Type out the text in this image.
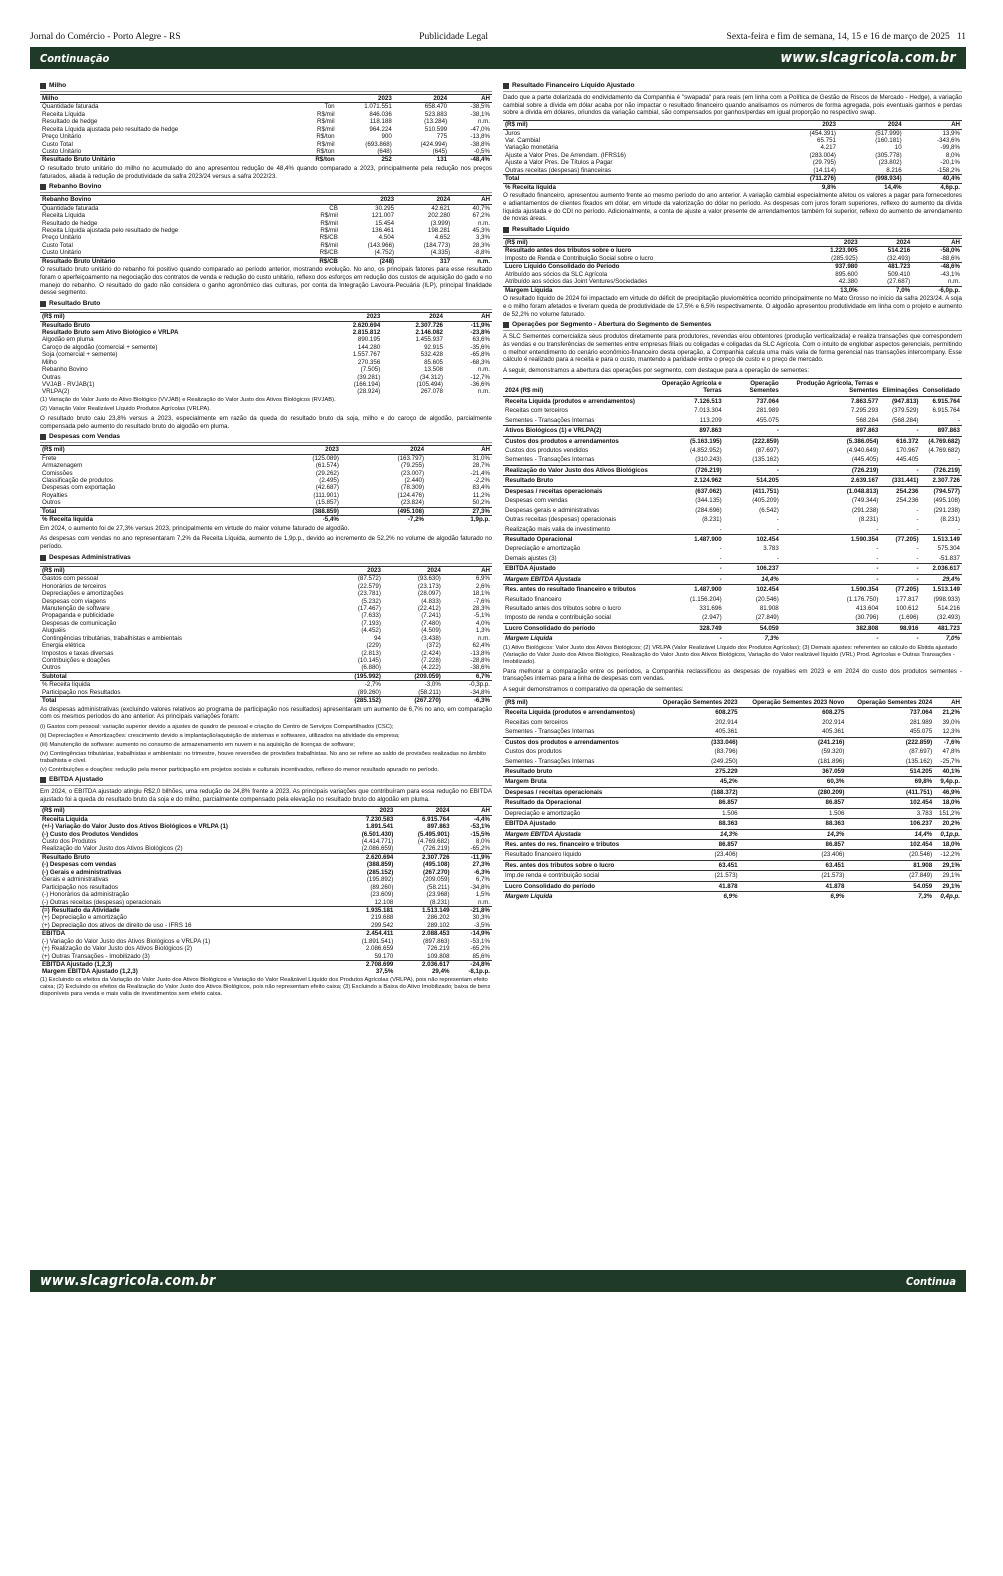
Jornal do Comércio - Porto Alegre - RS	Publicidade Legal	Sexta-feira e fim de semana, 14, 15 e 16 de março de 2025 11
Continuação	www.slcagricola.com.br
Milho
Milho		2023	2024	AH
Quantidade faturada	Ton	1.071.551	658.470	-38,5%
Receita Líquida	R$/mil	846.036	523.883	-38,1%
Resultado de hedge	R$/mil	118.188	(13.284)	n.m.
Receita Líquida ajustada pelo resultado de hedge	R$/mil	964.224	510.599	-47,0%
Preço Unitário	R$/ton	900	775	-13,8%
Custo Total	R$/mil	(693.868)	(424.994)	-38,8%
Custo Unitário	R$/ton	(648)	(645)	-0,5%
Resultado Bruto Unitário	R$/ton	252	131	-48,4%
O resultado bruto unitário do milho no acumulado do ano apresentou redução de 48,4% quando comparado a 2023, principalmente pela redução nos preços faturados, aliada à redução de produtividade da safra 2023/24 versus a safra 2022/23.
Rebanho Bovino
Rebanho Bovino		2023	2024	AH
Quantidade faturada	CB	30.295	42.621	40,7%
Receita Líquida	R$/mil	121.007	202.280	67,2%
Resultado de hedge	R$/mil	15.454	(3.999)	n.m.
Receita Líquida ajustada pelo resultado de hedge	R$/mil	136.461	198.281	45,3%
Preço Unitário	R$/CB	4.504	4.652	3,3%
Custo Total	R$/mil	(143.966)	(184.773)	28,3%
Custo Unitário	R$/CB	(4.752)	(4.335)	-8,8%
Resultado Bruto Unitário	R$/CB	(248)	317	n.m.
O resultado bruto unitário do rebanho foi positivo quando comparado ao período anterior, mostrando evolução. No ano, os principais fatores para esse resultado foram o aperfeiçoamento na negociação dos contratos de venda e redução do custo unitário, reflexo dos esforços em redução dos custos de aquisição do gado e no manejo do rebanho. O resultado do gado não considera o ganho agronômico das culturas, por conta da Integração Lavoura-Pecuária (ILP), principal finalidade desse segmento.
Resultado Bruto
(R$ mil)	2023	2024	AH
Resultado Bruto	2.620.694	2.307.726	-11,9%
Resultado Bruto sem Ativo Biológico e VRLPA	2.815.812	2.146.082	-23,8%
Algodão em pluma	890.195	1.455.937	63,6%
Caroço de algodão (comercial + semente)	144.280	92.915	-35,6%
Soja (comercial + semente)	1.557.767	532.428	-65,8%
Milho	270.356	85.605	-68,3%
Rebanho Bovino	(7.505)	13.508	n.m.
Outras	(39.281)	(34.312)	-12,7%
VVJAB - RVJAB(1)	(166.194)	(105.494)	-36,6%
VRLPA(2)	(28.924)	267.078	n.m.
(1) Variação do Valor Justo do Ativo Biológico (VVJAB) e Realização do Valor Justo dos Ativos Biológicos (RVJAB).
(2) Variação Valor Realizável Líquido Produtos Agrícolas (VRLPA).
O resultado bruto caiu 23,8% versus a 2023, especialmente em razão da queda do resultado bruto da soja, milho e do caroço de algodão, parcialmente compensada pelo aumento do resultado bruto do algodão em pluma.
Despesas com Vendas
(R$ mil)	2023	2024	AH
Frete	(125.089)	(163.797)	31,0%
Armazenagem	(61.574)	(79.255)	28,7%
Comissões	(29.262)	(23.007)	-21,4%
Classificação de produtos	(2.495)	(2.440)	-2,2%
Despesas com exportação	(42.687)	(78.309)	83,4%
Royalties	(111.901)	(124.476)	11,2%
Outros	(15.857)	(23.824)	50,2%
Total	(388.859)	(495.108)	27,3%
% Receita líquida	-5,4%	-7,2%	1,9p.p.
Em 2024, o aumento foi de 27,3% versus 2023, principalmente em virtude do maior volume faturado de algodão.
As despesas com vendas no ano representaram 7,2% da Receita Líquida, aumento de 1,9p.p., devido ao incremento de 52,2% no volume de algodão faturado no período.
Despesas Administrativas
(R$ mil)	2023	2024	AH
Gastos com pessoal	(87.572)	(93.630)	6,9%
Honorários de terceiros	(22.579)	(23.173)	2,6%
Depreciações e amortizações	(23.781)	(28.097)	18,1%
Despesas com viagens	(5.232)	(4.833)	-7,6%
Manutenção de software	(17.467)	(22.412)	28,3%
Propaganda e publicidade	(7.633)	(7.241)	-5,1%
Despesas de comunicação	(7.193)	(7.480)	4,0%
Aluguéis	(4.452)	(4.509)	1,3%
Contingências tributárias, trabalhistas e ambientais	94	(3.438)	n.m.
Energia elétrica	(229)	(372)	62,4%
Impostos e taxas diversas	(2.813)	(2.424)	-13,8%
Contribuições e doações	(10.145)	(7.228)	-28,8%
Outros	(6.880)	(4.222)	-38,6%
Subtotal	(195.992)	(209.059)	6,7%
% Receita líquida	-2,7%	-3,0%	-0,3p.p.
Participação nos Resultados	(89.260)	(58.211)	-34,8%
Total	(285.152)	(267.270)	-6,3%
As despesas administrativas (excluindo valores relativos ao programa de participação nos resultados) apresentaram um aumento de 6,7% no ano, em comparação com os mesmos períodos do ano anterior. As principais variações foram:
(i) Gastos com pessoal: variação superior devido a ajustes de quadro de pessoal e criação do Centro de Serviços Compartilhados (CSC);
(ii) Depreciações e Amortizações: crescimento devido a implantação/aquisição de sistemas e softwares, utilizados na atividade da empresa;
(iii) Manutenção de software: aumento no consumo de armazenamento em nuvem e na aquisição de licenças de software;
(iv) Contingências tributárias, trabalhistas e ambientais: no trimestre, houve reversões de provisões trabalhistas. No ano se refere ao saldo de provisões realizadas no âmbito trabalhista e cível.
(v) Contribuições e doações: redução pela menor participação em projetos sociais e culturais incentivados, reflexo do menor resultado apurado no período.
EBITDA Ajustado
Em 2024, o EBITDA ajustado atingiu R$2,0 bilhões, uma redução de 24,8% frente a 2023. As principais variações que contribuíram para essa redução no EBITDA ajustado foi a queda do resultado bruto da soja e do milho, parcialmente compensado pela elevação no resultado bruto do algodão em pluma.
(R$ mil)	2023	2024	AH
Receita Líquida	7.230.583	6.915.764	-4,4%
(+/-) Variação do Valor Justo dos Ativos Biológicos e VRLPA (1)	1.891.541	897.863	-53,1%
(-) Custo dos Produtos Vendidos	(6.501.430)	(5.495.901)	-15,5%
Custo dos Produtos	(4.414.771)	(4.769.682)	8,0%
Realização do Valor Justo dos Ativos Biológicos (2)	(2.086.659)	(726.219)	-65,2%
Resultado Bruto	2.620.694	2.307.726	-11,9%
(-) Despesas com vendas	(388.859)	(495.108)	27,3%
(-) Gerais e administrativas	(285.152)	(267.270)	-6,3%
Gerais e administrativas	(195.892)	(209.059)	6,7%
Participação nos resultados	(89.260)	(58.211)	-34,8%
(-) Honorários da administração	(23.609)	(23.968)	1,5%
(-) Outras receitas (despesas) operacionais	12.108	(8.231)	n.m.
(=) Resultado da Atividade	1.935.181	1.513.149	-21,8%
(+) Depreciação e amortização	219.688	286.202	30,3%
(+) Depreciação dos ativos de direito de uso - IFRS 16	299.542	289.102	-3,5%
EBITDA	2.454.411	2.088.453	-14,9%
(-) Variação do Valor Justo dos Ativos Biológicos e VRLPA (1)	(1.891.541)	(897.863)	-53,1%
(+) Realização do Valor Justo dos Ativos Biológicos (2)	2.086.659	726.219	-65,2%
(+) Outras Transações - Imobilizado (3)	59.170	109.808	85,6%
EBITDA Ajustado (1,2,3)	2.708.699	2.036.617	-24,8%
Margem EBITDA Ajustado (1,2,3)	37,5%	29,4%	-8,1p.p.
(1) Excluindo os efeitos da Variação do Valor Justo dos Ativos Biológicos e Variação do Valor Realizável Líquido dos Produtos Agrícolas (VRLPA), pois não representam efeito caixa; (2) Excluindo os efeitos da Realização do Valor Justo dos Ativos Biológicos, pois não representam efeito caixa; (3) Excluindo a Baixa do Ativo Imobilizado; baixa de bens disponíveis para venda e mais valia de investimentos sem efeito caixa.
Resultado Financeiro Líquido Ajustado
Dado que a parte dolarizada do endividamento da Companhia é "swapada" para reais (em linha com a Política de Gestão de Riscos de Mercado - Hedge), a variação cambial sobre a dívida em dólar acaba por não impactar o resultado financeiro quando analisamos os números de forma agregada, pois eventuais ganhos e perdas sobre a dívida em dólares, oriundos da variação cambial, são compensados por ganhos/perdas em igual proporção no respectivo swap.
(R$ mil)	2023	2024	AH
Juros	(454.391)	(517.999)	13,9%
Var. Cambial	65.751	(160.181)	-343,6%
Variação monetária	4.217	10	-99,8%
Ajuste a Valor Pres. De Arrendam. (IFRS16)	(283.004)	(305.778)	8,0%
Ajuste a Valor Pres. De Títulos a Pagar	(29.795)	(23.802)	-20,1%
Outras receitas (despesas) financeiras	(14.114)	8.216	-158,2%
Total	(711.276)	(998.934)	40,4%
% Receita líquida	9,8%	14,4%	4,6p.p.
O resultado financeiro, apresentou aumento frente ao mesmo período do ano anterior. A variação cambial especialmente afetou os valores a pagar para fornecedores e adiantamentos de clientes fixados em dólar, em virtude da valorização do dólar no período. As despesas com juros foram superiores, reflexo do aumento da dívida líquida ajustada e do CDI no período. Adicionalmente, a conta de ajuste a valor presente de arrendamentos também foi superior, reflexo do aumento de arrendamento de novas áreas.
Resultado Líquido
(R$ mil)	2023	2024	AH
Resultado antes dos tributos sobre o lucro	1.223.905	514.216	-58,0%
Imposto de Renda e Contribuição Social sobre o lucro	(285.925)	(32.493)	-88,6%
Lucro Líquido Consolidado do Período	937.980	481.723	-48,6%
Atribuído aos sócios da SLC Agrícola	895.600	509.410	-43,1%
Atribuído aos sócios das Joint Ventures/Sociedades	42.380	(27.687)	n.m.
Margem Líquida	13,0%	7,0%	-6,0p.p.
O resultado líquido de 2024 foi impactado em virtude do déficit de precipitação pluviométrica ocorrido principalmente no Mato Grosso no início da safra 2023/24. A soja e o milho foram afetados e tiveram queda de produtividade de 17,5% e 6,5% respectivamente. O algodão apresentou produtividade em linha com o projeto e aumento de 52,2% no volume faturado.
Operações por Segmento - Abertura do Segmento de Sementes
A SLC Sementes comercializa seus produtos diretamente para produtores, revendas e/ou obtentores (produção verticalizada) e realiza transações que correspondem às vendas e ou transferências de sementes entre empresas filiais ou coligadas e coligadas da SLC Agrícola. Com o intuito de englobar aspectos gerenciais, permitindo o melhor entendimento do cenário econômico-financeiro desta operação, a Companhia calcula uma mais valia de forma gerencial nas transações intercompany. Esse cálculo é realizado para a receita e para o custo, mantendo a paridade entre o preço de custo e o preço de mercado.
A seguir, demonstramos a abertura das operações por segmento, com destaque para a operação de sementes:
2024 (R$ mil)	Operação Agrícola e Terras	Operação Sementes	Produção Agrícola, Terras e Sementes	Eliminações	Consolidado
Receita Líquida (produtos e arrendamentos)	7.126.513	737.064	7.863.577	(947.813)	6.915.764
Receitas com terceiros	7.013.304	281.989	7.295.293	(379.529)	6.915.764
Sementes - Transações Internas	113.209	455.075	568.284	(568.284)	-
Ativos Biológicos (1) e VRLPA(2)	897.863	-	897.863	-	897.863
Custos dos produtos e arrendamentos	(5.163.195)	(222.859)	(5.386.054)	616.372	(4.769.682)
Custos dos produtos vendidos	(4.852.952)	(87.697)	(4.940.649)	170.967	(4.769.682)
Sementes - Transações Internas	(310.243)	(135.162)	(445.405)	445.405	-
Realização do Valor Justo dos Ativos Biológicos	(726.219)	-	(726.219)	-	(726.219)
Resultado Bruto	2.124.962	514.205	2.639.167	(331.441)	2.307.726
Despesas / receitas operacionais	(637.062)	(411.751)	(1.048.813)	254.236	(794.577)
Despesas com vendas	(344.135)	(405.209)	(749.344)	254.236	(495.108)
Despesas gerais e administrativas	(284.696)	(6.542)	(291.238)	-	(291.238)
Outras receitas (despesas) operacionais	(8.231)	-	(8.231)	-	(8.231)
Realização mais valia de investimento	-	-	-	-	-
Resultado Operacional	1.487.900	102.454	1.590.354	(77.205)	1.513.149
Depreciação e amortização	-	3.783	-	-	575.304
Demais ajustes (3)	-	-	-	-	-51.837
EBITDA Ajustado	-	106.237	-	-	2.036.617
Margem EBITDA Ajustada	-	14,4%	-	-	29,4%
Res. antes do resultado financeiro e tributos	1.487.900	102.454	1.590.354	(77.205)	1.513.149
Resultado financeiro	(1.156.204)	(20.546)	(1.176.750)	177.817	(998.933)
Resultado antes dos tributos sobre o lucro	331.696	81.908	413.604	100.612	514.216
Imposto de renda e contribuição social	(2.947)	(27.849)	(30.796)	(1.696)	(32.493)
Lucro Consolidado do período	328.749	54.059	382.808	98.916	481.723
Margem Líquida	-	7,3%	-	-	7,0%
(1) Ativo Biológicos: Valor Justo dos Ativos Biológicos; (2) VRLPA (Valor Realizável Líquido dos Produtos Agrícolas); (3) Demais ajustes: referentes ao cálculo do Ebitda ajustado (Variação do Valor Justo dos Ativos Biológico, Realização do Valor Justo dos Ativos Biológicos, Variação do Valor realizável líquido (VRL) Prod. Agrícolas e Outras Transações - Imobilizado).
Para melhorar a comparação entre os períodos, a Companhia reclassificou as despesas de royalties em 2023 e em 2024 do custo dos produtos sementes - transações internas para a linha de despesas com vendas.
A seguir demonstramos o comparativo da operação de sementes:
(R$ mil)	Operação Sementes 2023	Operação Sementes 2023 Novo	Operação Sementes 2024	AH
Receita Líquida (produtos e arrendamentos)	608.275	608.275	737.064	21,2%
Receitas com terceiros	202.914	202.914	281.989	39,0%
Sementes - Transações Internas	405.361	405.361	455.075	12,3%
Custos dos produtos e arrendamentos	(333.046)	(241.216)	(222.859)	-7,6%
Custos dos produtos	(83.796)	(59.320)	(87.697)	47,8%
Sementes - Transações Internas	(249.250)	(181.896)	(135.162)	-25,7%
Resultado bruto	275.229	367.059	514.205	40,1%
Margem Bruta	45,2%	60,3%	69,8%	9,4p.p.
Despesas / receitas operacionais	(188.372)	(280.209)	(411.751)	46,9%
Resultado da Operacional	86.857	86.857	102.454	18,0%
Depreciação e amortização	1.506	1.506	3.783	151,2%
EBITDA Ajustado	88.363	88.363	106.237	20,2%
Margem EBITDA Ajustada	14,3%	14,3%	14,4%	0,1p.p.
Res. antes do res. financeiro e tributos	86.857	86.857	102.454	18,0%
Resultado financeiro líquido	(23.406)	(23.406)	(20.546)	-12,2%
Res. antes dos tributos sobre o lucro	63.451	63.451	81.908	29,1%
Imp.de renda e contribuição social	(21.573)	(21.573)	(27.849)	29,1%
Lucro Consolidado do período	41.878	41.878	54.059	29,1%
Margem Líquida	6,9%	6,9%	7,3%	0,4p.p.
www.slcagricola.com.br	Continua
